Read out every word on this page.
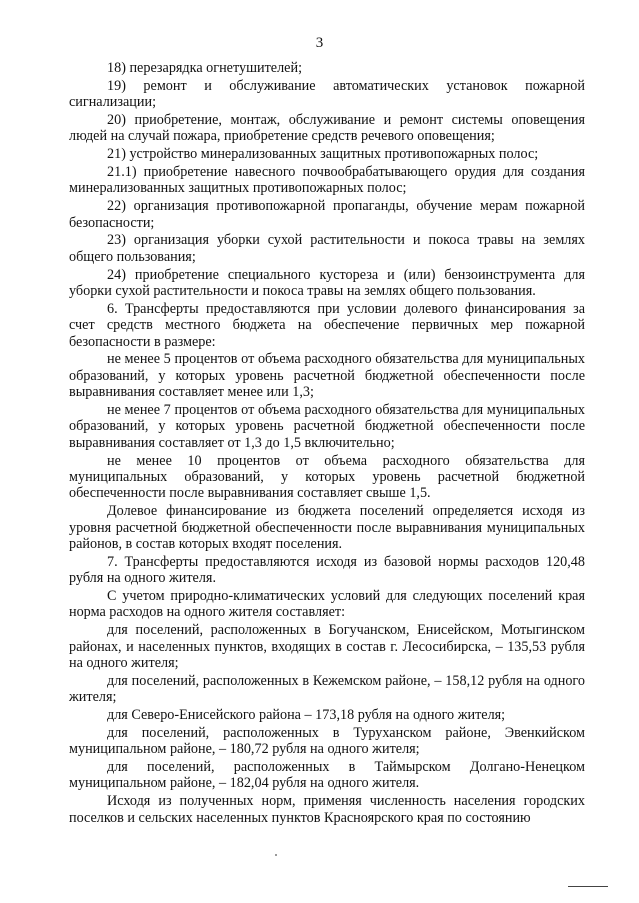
3

18) перезарядка огнетушителей;

19) ремонт и обслуживание автоматических установок пожарной сигнализации;

20) приобретение, монтаж, обслуживание и ремонт системы оповещения людей на случай пожара, приобретение средств речевого оповещения;

21) устройство минерализованных защитных противопожарных полос;

21.1) приобретение навесного почвообрабатывающего орудия для создания минерализованных защитных противопожарных полос;

22) организация противопожарной пропаганды, обучение мерам пожарной безопасности;

23) организация уборки сухой растительности и покоса травы на землях общего пользования;

24) приобретение специального кустореза и (или) бензоинструмента для уборки сухой растительности и покоса травы на землях общего пользования.

6. Трансферты предоставляются при условии долевого финансирования за счет средств местного бюджета на обеспечение первичных мер пожарной безопасности в размере:

не менее 5 процентов от объема расходного обязательства для муниципальных образований, у которых уровень расчетной бюджетной обеспеченности после выравнивания составляет менее или 1,3;

не менее 7 процентов от объема расходного обязательства для муниципальных образований, у которых уровень расчетной бюджетной обеспеченности после выравнивания составляет от 1,3 до 1,5 включительно;

не менее 10 процентов от объема расходного обязательства для муниципальных образований, у которых уровень расчетной бюджетной обеспеченности после выравнивания составляет свыше 1,5.

Долевое финансирование из бюджета поселений определяется исходя из уровня расчетной бюджетной обеспеченности после выравнивания муниципальных районов, в состав которых входят поселения.

7. Трансферты предоставляются исходя из базовой нормы расходов 120,48 рубля на одного жителя.

С учетом природно-климатических условий для следующих поселений края норма расходов на одного жителя составляет:

для поселений, расположенных в Богучанском, Енисейском, Мотыгинском районах, и населенных пунктов, входящих в состав г. Лесосибирска, – 135,53 рубля на одного жителя;

для поселений, расположенных в Кежемском районе, – 158,12 рубля на одного жителя;

для Северо-Енисейского района – 173,18 рубля на одного жителя;

для поселений, расположенных в Туруханском районе, Эвенкийском муниципальном районе, – 180,72 рубля на одного жителя;

для поселений, расположенных в Таймырском Долгано-Ненецком муниципальном районе, – 182,04 рубля на одного жителя.

Исходя из полученных норм, применяя численность населения городских поселков и сельских населенных пунктов Красноярского края по состоянию
